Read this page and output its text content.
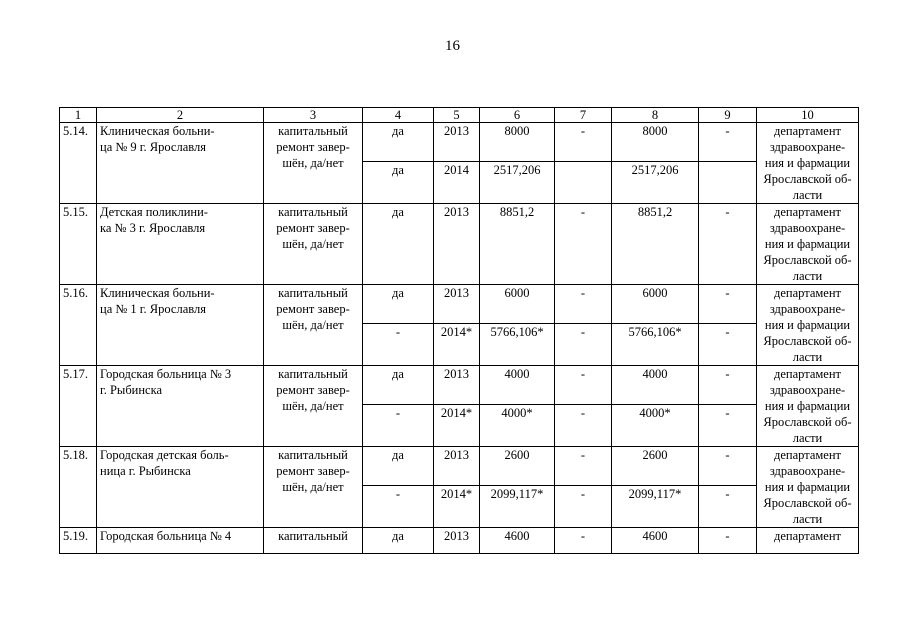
16
1	2	3	4	5	6	7	8	9	10
5.14.	Клиническая больни-
ца № 9 г. Ярославля	капитальный
ремонт завер-
шён, да/нет	да	2013	8000	-	8000	-	департамент
здравоохране-
ния и фармации
Ярославской об-
ласти
			да	2014	2517,206		2517,206		
5.15.	Детская поликлини-
ка № 3 г. Ярославля	капитальный
ремонт завер-
шён, да/нет	да	2013	8851,2	-	8851,2	-	департамент
здравоохране-
ния и фармации
Ярославской об-
ласти
5.16.	Клиническая больни-
ца № 1 г. Ярославля	капитальный
ремонт завер-
шён, да/нет	да	2013	6000	-	6000	-	департамент
здравоохране-
ния и фармации
Ярославской об-
ласти
			-	2014*	5766,106*	-	5766,106*	-	
5.17.	Городская больница № 3
г. Рыбинска	капитальный
ремонт завер-
шён, да/нет	да	2013	4000	-	4000	-	департамент
здравоохране-
ния и фармации
Ярославской об-
ласти
			-	2014*	4000*	-	4000*	-	
5.18.	Городская детская боль-
ница г. Рыбинска	капитальный
ремонт завер-
шён, да/нет	да	2013	2600	-	2600	-	департамент
здравоохране-
ния и фармации
Ярославской об-
ласти
			-	2014*	2099,117*	-	2099,117*	-	
5.19.	Городская больница № 4	капитальный	да	2013	4600	-	4600	-	департамент
